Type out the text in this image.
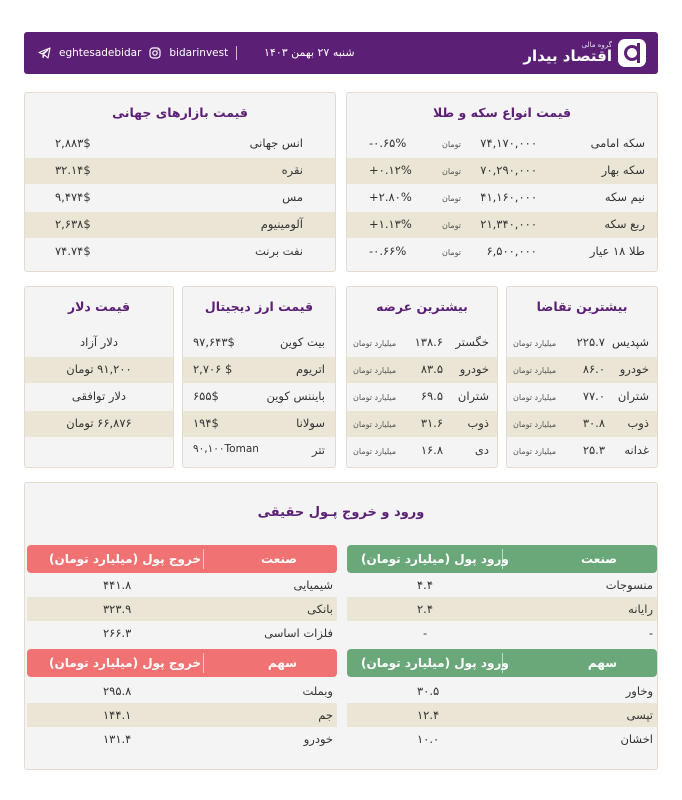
گروه مالی
اقتصاد بیدار
شنبه ۲۷ بهمن ۱۴۰۳
eghtesadebidar	bidarinvest
قیمت انواع سکه و طلا
سکه امامی
۷۴,۱۷۰,۰۰۰
تومان
-۰.۶۵%
سکه بهار
۷۰,۲۹۰,۰۰۰
تومان
+۰.۱۲%
نیم سکه
۴۱,۱۶۰,۰۰۰
تومان
+۲.۸۰%
ربع سکه
۲۱,۳۴۰,۰۰۰
تومان
+۱.۱۳%
طلا ۱۸ عیار
۶,۵۰۰,۰۰۰
تومان
-۰.۶۶%
قیمت بازارهای جهانی
انس جهانی
۲,۸۸۳$
نقره
۳۲.۱۴$
مس
۹,۴۷۴$
آلومینیوم
۲,۶۳۸$
نفت برنت
۷۴.۷۴$
بیشترین تقاضا
شپدیس
۲۲۵.۷
میلیارد تومان
خودرو
۸۶.۰
میلیارد تومان
شتران
۷۷.۰
میلیارد تومان
ذوب
۳۰.۸
میلیارد تومان
غدانه
۲۵.۳
میلیارد تومان
بیشترین عرضه
خگستر
۱۳۸.۶
میلیارد تومان
خودرو
۸۳.۵
میلیارد تومان
شتران
۶۹.۵
میلیارد تومان
ذوب
۳۱.۶
میلیارد تومان
دی
۱۶.۸
میلیارد تومان
قیمت ارز دیجیتال
بیت کوین
۹۷,۶۴۳$
اتریوم
۲,۷۰۶ $
بایننس کوین
۶۵۵$
سولانا
۱۹۴$
تتر
۹۰,۱۰۰Toman
قیمت دلار
دلار آزاد
۹۱,۲۰۰ تومان
دلار توافقی
۶۶,۸۷۶ تومان
ورود و خروج پـول حقیقی
صنعت
ورود پول (میلیارد تومان)
صنعت
خروج پول (میلیارد تومان)
منسوجات
۴.۴
رایانه
۲.۴
-
-
شیمیایی
۴۴۱.۸
بانکی
۳۲۳.۹
فلزات اساسی
۲۶۶.۳
سهم
ورود پول (میلیارد تومان)
سهم
خروج پول (میلیارد تومان)
وخاور
۳۰.۵
تپسی
۱۲.۴
اخشان
۱۰.۰
وبملت
۲۹۵.۸
جم
۱۴۴.۱
خودرو
۱۳۱.۴
